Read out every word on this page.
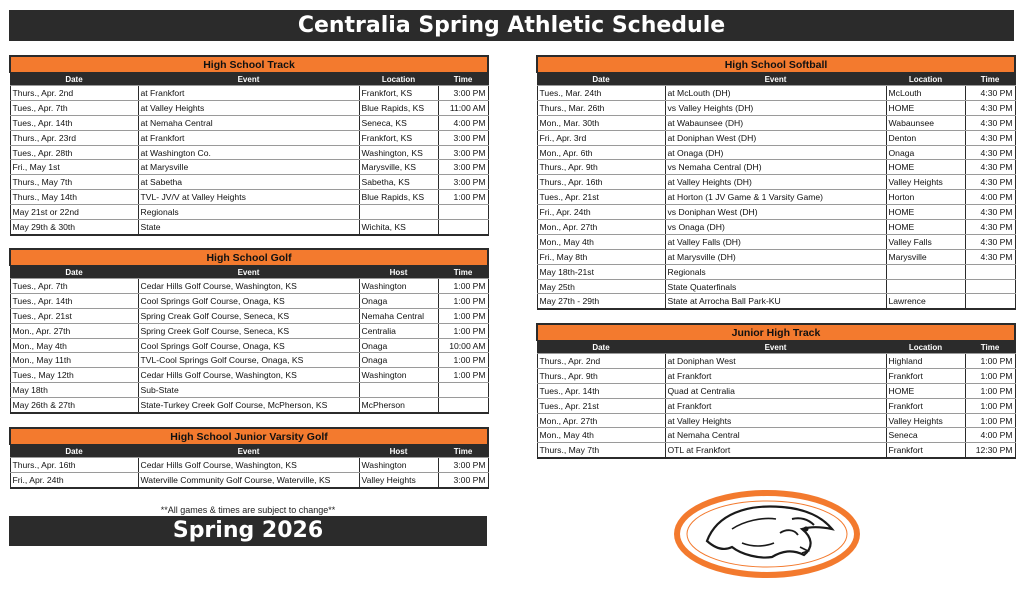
Centralia Spring Athletic Schedule
High School Track			
Date	Event	Location	Time
Thurs., Apr. 2nd	at Frankfort	Frankfort, KS	3:00 PM
Tues., Apr. 7th	at Valley Heights	Blue Rapids, KS	11:00 AM
Tues., Apr. 14th	at Nemaha Central	Seneca, KS	4:00 PM
Thurs., Apr. 23rd	at Frankfort	Frankfort, KS	3:00 PM
Tues., Apr. 28th	at Washington Co.	Washington, KS	3:00 PM
Fri., May 1st	at Marysville	Marysville, KS	3:00 PM
Thurs., May 7th	at Sabetha	Sabetha, KS	3:00 PM
Thurs., May 14th	TVL- JV/V at Valley Heights	Blue Rapids, KS	1:00 PM
May 21st or 22nd	Regionals		
May 29th & 30th	State	Wichita, KS	
High School Golf			
Date	Event	Host	Time
Tues., Apr. 7th	Cedar Hills Golf Course, Washington, KS	Washington	1:00 PM
Tues., Apr. 14th	Cool Springs Golf Course, Onaga, KS	Onaga	1:00 PM
Tues., Apr. 21st	Spring Creak Golf Course, Seneca, KS	Nemaha Central	1:00 PM
Mon., Apr. 27th	Spring Creek Golf Course, Seneca, KS	Centralia	1:00 PM
Mon., May 4th	Cool Springs Golf Course, Onaga, KS	Onaga	10:00 AM
Mon., May 11th	TVL-Cool Springs Golf Course, Onaga, KS	Onaga	1:00 PM
Tues., May 12th	Cedar Hills Golf Course, Washington, KS	Washington	1:00 PM
May 18th	Sub-State		
May 26th & 27th	State-Turkey Creek Golf Course, McPherson, KS	McPherson	
High School Junior Varsity Golf			
Date	Event	Host	Time
Thurs., Apr. 16th	Cedar Hills Golf Course, Washington, KS	Washington	3:00 PM
Fri., Apr. 24th	Waterville Community Golf Course, Waterville, KS	Valley Heights	3:00 PM
High School Softball			
Date	Event	Location	Time
Tues., Mar. 24th	at McLouth (DH)	McLouth	4:30 PM
Thurs., Mar. 26th	vs Valley Heights (DH)	HOME	4:30 PM
Mon., Mar. 30th	at Wabaunsee (DH)	Wabaunsee	4:30 PM
Fri., Apr. 3rd	at Doniphan West (DH)	Denton	4:30 PM
Mon., Apr. 6th	at Onaga (DH)	Onaga	4:30 PM
Thurs., Apr. 9th	vs Nemaha Central (DH)	HOME	4:30 PM
Thurs., Apr. 16th	at Valley Heights (DH)	Valley Heights	4:30 PM
Tues., Apr. 21st	at Horton (1 JV Game & 1 Varsity Game)	Horton	4:00 PM
Fri., Apr. 24th	vs Doniphan West (DH)	HOME	4:30 PM
Mon., Apr. 27th	vs Onaga (DH)	HOME	4:30 PM
Mon., May 4th	at Valley Falls (DH)	Valley Falls	4:30 PM
Fri., May 8th	at Marysville (DH)	Marysville	4:30 PM
May 18th-21st	Regionals		
May 25th	State Quaterfinals		
May 27th - 29th	State at Arrocha Ball Park-KU	Lawrence	
Junior High Track			
Date	Event	Location	Time
Thurs., Apr. 2nd	at Doniphan West	Highland	1:00 PM
Thurs., Apr. 9th	at Frankfort	Frankfort	1:00 PM
Tues., Apr. 14th	Quad at Centralia	HOME	1:00 PM
Tues., Apr. 21st	at Frankfort	Frankfort	1:00 PM
Mon., Apr. 27th	at Valley Heights	Valley Heights	1:00 PM
Mon., May 4th	at Nemaha Central	Seneca	4:00 PM
Thurs., May 7th	OTL at Frankfort	Frankfort	12:30 PM
**All games & times are subject to change**
Spring 2026
